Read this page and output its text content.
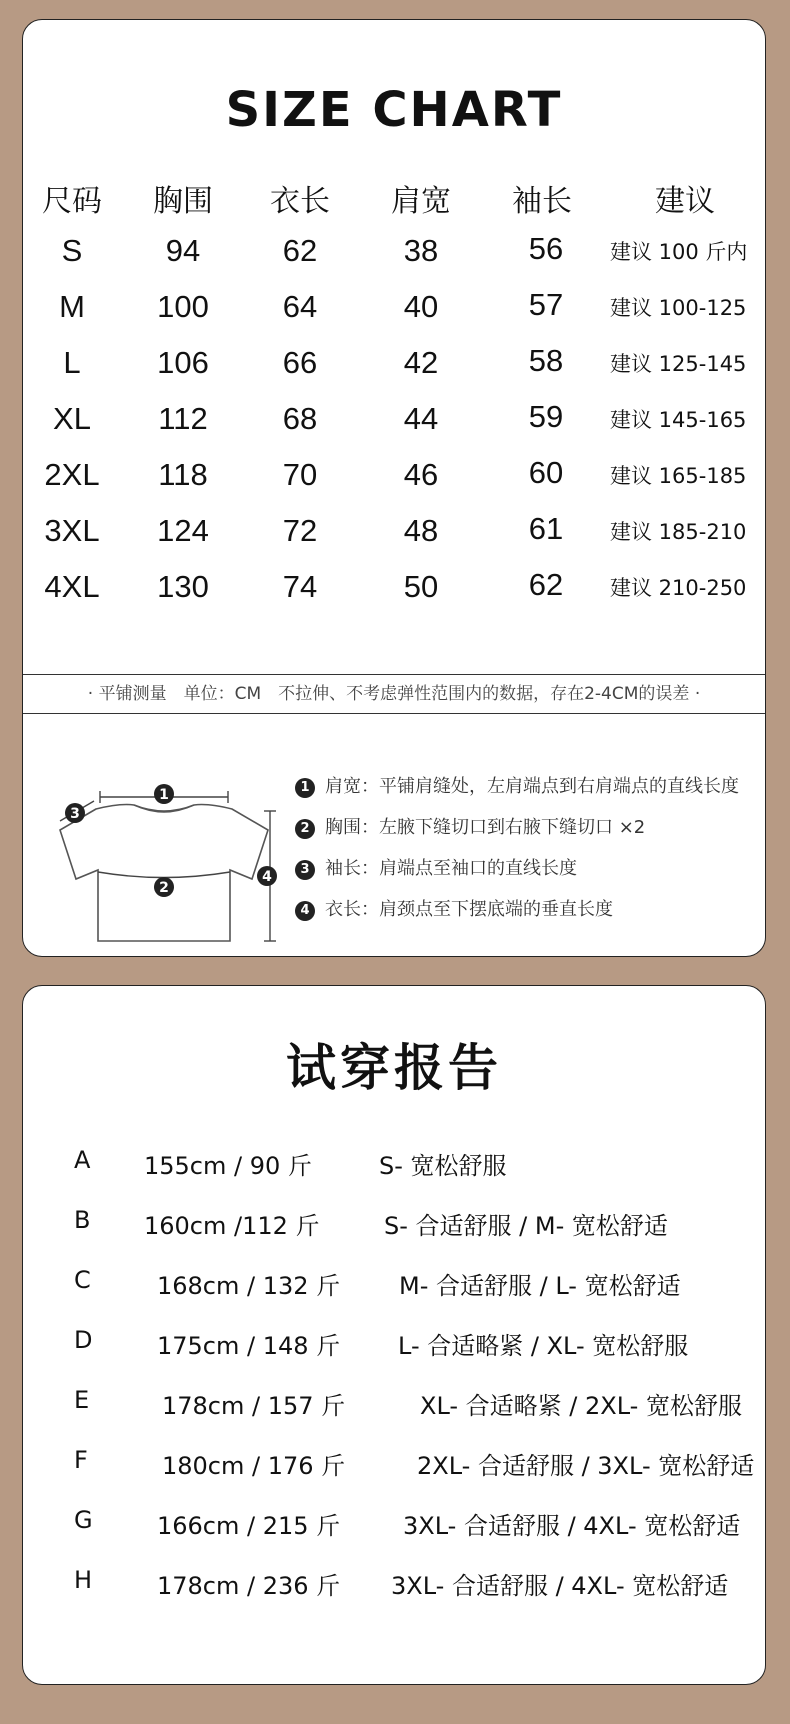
SIZE CHART
尺码 胸围 衣长 肩宽 袖长	建议
S	94	62	38	56 建议 100 斤内
M 100 64	40	57 建议 100-125
L 106 66	42	58 建议 125-145
XL 112 68	44	59 建议 145-165
2XL 118 70	46	60 建议 165-185
3XL 124 72	48	61 建议 185-210
4XL 130 74	50	62 建议 210-250
· 平铺测量　单位：CM　不拉伸、不考虑弹性范围内的数据，存在2-4CM的误差 ·
1
2
3
4
1 肩宽：平铺肩缝处，左肩端点到右肩端点的直线长度
2 胸围：左腋下缝切口到右腋下缝切口 ×2
3 袖长：肩端点至袖口的直线长度
4 衣长：肩颈点至下摆底端的垂直长度
试穿报告
A 155cm / 90 斤	S- 宽松舒服
B 160cm /112 斤	S- 合适舒服 / M- 宽松舒适
C	168cm / 132 斤 M- 合适舒服 / L- 宽松舒适
D	175cm / 148 斤 L- 合适略紧 / XL- 宽松舒服
E	178cm / 157 斤	XL- 合适略紧 / 2XL- 宽松舒服
F	180cm / 176 斤	2XL- 合适舒服 / 3XL- 宽松舒适
G	166cm / 215 斤	3XL- 合适舒服 / 4XL- 宽松舒适
H	178cm / 236 斤 3XL- 合适舒服 / 4XL- 宽松舒适
